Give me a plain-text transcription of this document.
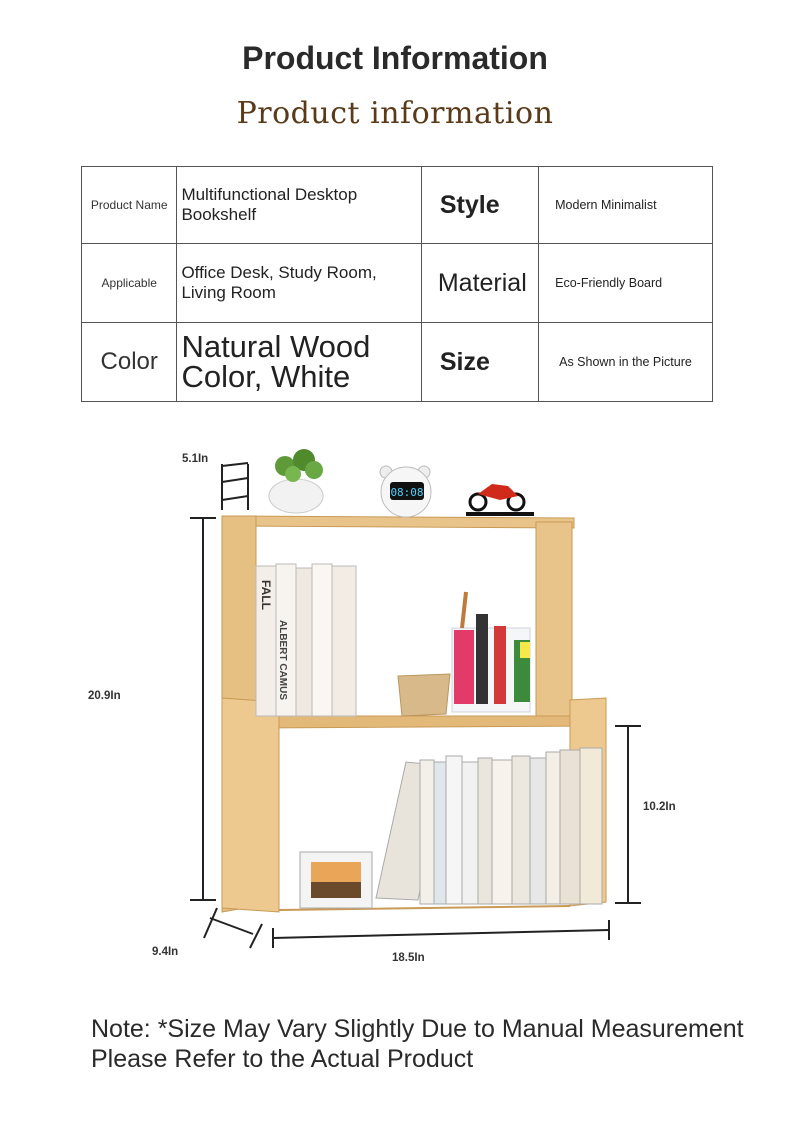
Product Information
Product information
Product Name	Multifunctional Desktop Bookshelf	Style	Modern Minimalist
Applicable	Office Desk, Study Room, Living Room	Material	Eco-Friendly Board
Color	Natural Wood Color, White	Size	As Shown in the Picture
08:08
FALL
ALBERT CAMUS
5.1In
20.9In
10.2In
9.4In	18.5In
Note: *Size May Vary Slightly Due to Manual Measurement
Please Refer to the Actual Product
